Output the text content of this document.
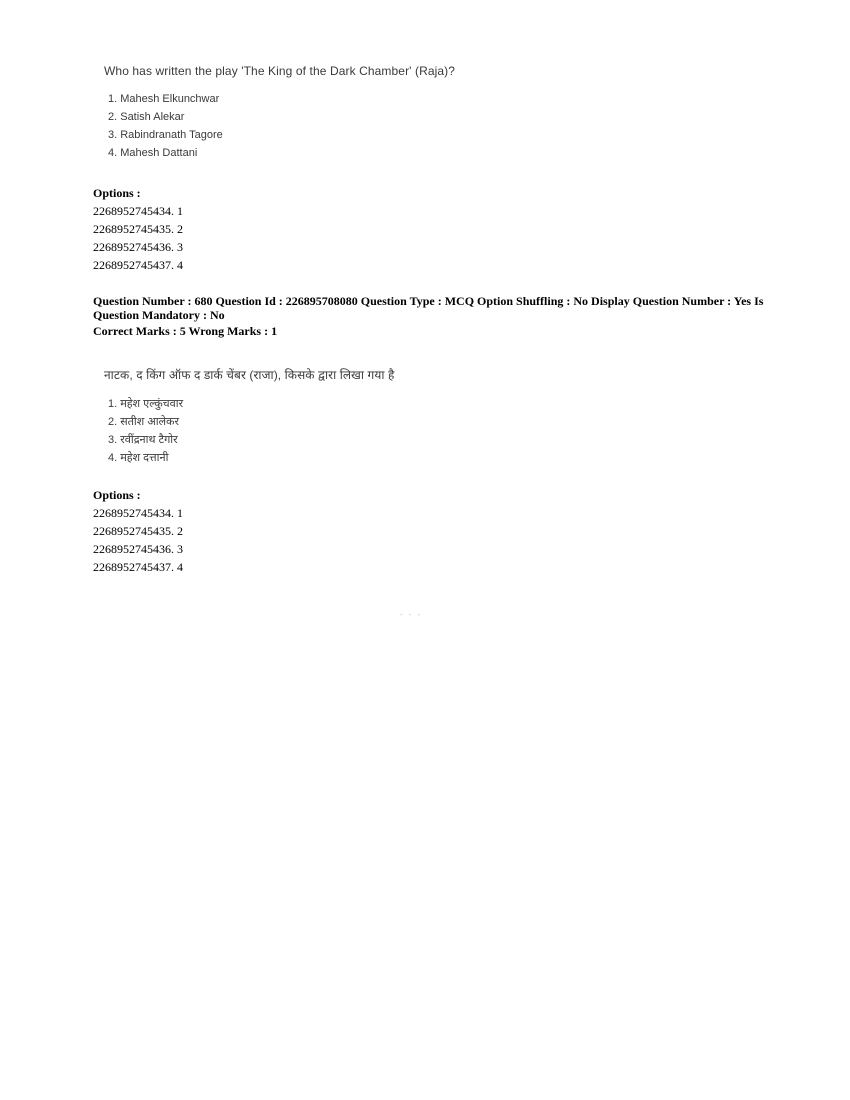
Who has written the play 'The King of the Dark Chamber' (Raja)?

1. Mahesh Elkunchwar
2. Satish Alekar
3. Rabindranath Tagore
4. Mahesh Dattani
Options :
2268952745434. 1
2268952745435. 2
2268952745436. 3
2268952745437. 4
Question Number : 680 Question Id : 226895708080 Question Type : MCQ Option Shuffling : No Display Question Number : Yes Is Question Mandatory : No
Correct Marks : 5 Wrong Marks : 1

नाटक, द किंग ऑफ द डार्क चेंबर (राजा), किसके द्वारा लिखा गया है

1. महेश एल्कुंचवार
2. सतीश आलेकर
3. रवींद्रनाथ टैगोर
4. महेश दत्तानी
Options :
2268952745434. 1
2268952745435. 2
2268952745436. 3
2268952745437. 4
- - -
